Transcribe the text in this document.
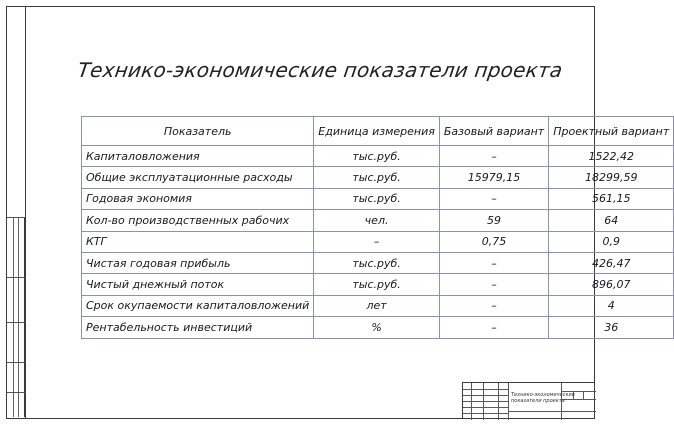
Технико-экономические показатели проекта
Показатель	Единица измерения	Базовый вариант	Проектный вариант
Капиталовложения	тыс.руб.	–	1522,42
Общие эксплуатационные расходы	тыс.руб.	15979,15	18299,59
Годовая экономия	тыс.руб.	–	561,15
Кол-во производственных рабочих	чел.	59	64
КТГ	–	0,75	0,9
Чистая годовая прибыль	тыс.руб.	–	426,47
Чистый днежный поток	тыс.руб.	–	896,07
Срок окупаемости капиталовложений	лет	–	4
Рентабельность инвестиций	%	–	36
Технико-экономические показатели проекта
